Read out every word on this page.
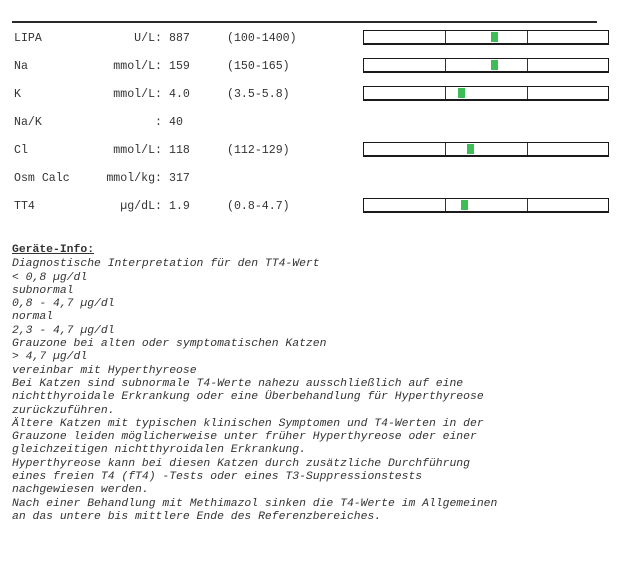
LIPA	U/L: 887	(100-1400)
Na	mmol/L: 159	(150-165)
K	mmol/L: 4.0	(3.5-5.8)
Na/K	: 40
Cl	mmol/L: 118	(112-129)
Osm Calc	mmol/kg: 317
TT4	µg/dL: 1.9	(0.8-4.7)
Geräte-Info:
Diagnostische Interpretation für den TT4-Wert
< 0,8 µg/dl
subnormal
0,8 - 4,7 µg/dl
normal
2,3 - 4,7 µg/dl
Grauzone bei alten oder symptomatischen Katzen
> 4,7 µg/dl
vereinbar mit Hyperthyreose
Bei Katzen sind subnormale T4-Werte nahezu ausschließlich auf eine
nichtthyroidale Erkrankung oder eine Überbehandlung für Hyperthyreose
zurückzuführen.
Ältere Katzen mit typischen klinischen Symptomen und T4-Werten in der
Grauzone leiden möglicherweise unter früher Hyperthyreose oder einer
gleichzeitigen nichtthyroidalen Erkrankung.
Hyperthyreose kann bei diesen Katzen durch zusätzliche Durchführung
eines freien T4 (fT4) -Tests oder eines T3-Suppressionstests
nachgewiesen werden.
Nach einer Behandlung mit Methimazol sinken die T4-Werte im Allgemeinen
an das untere bis mittlere Ende des Referenzbereiches.
